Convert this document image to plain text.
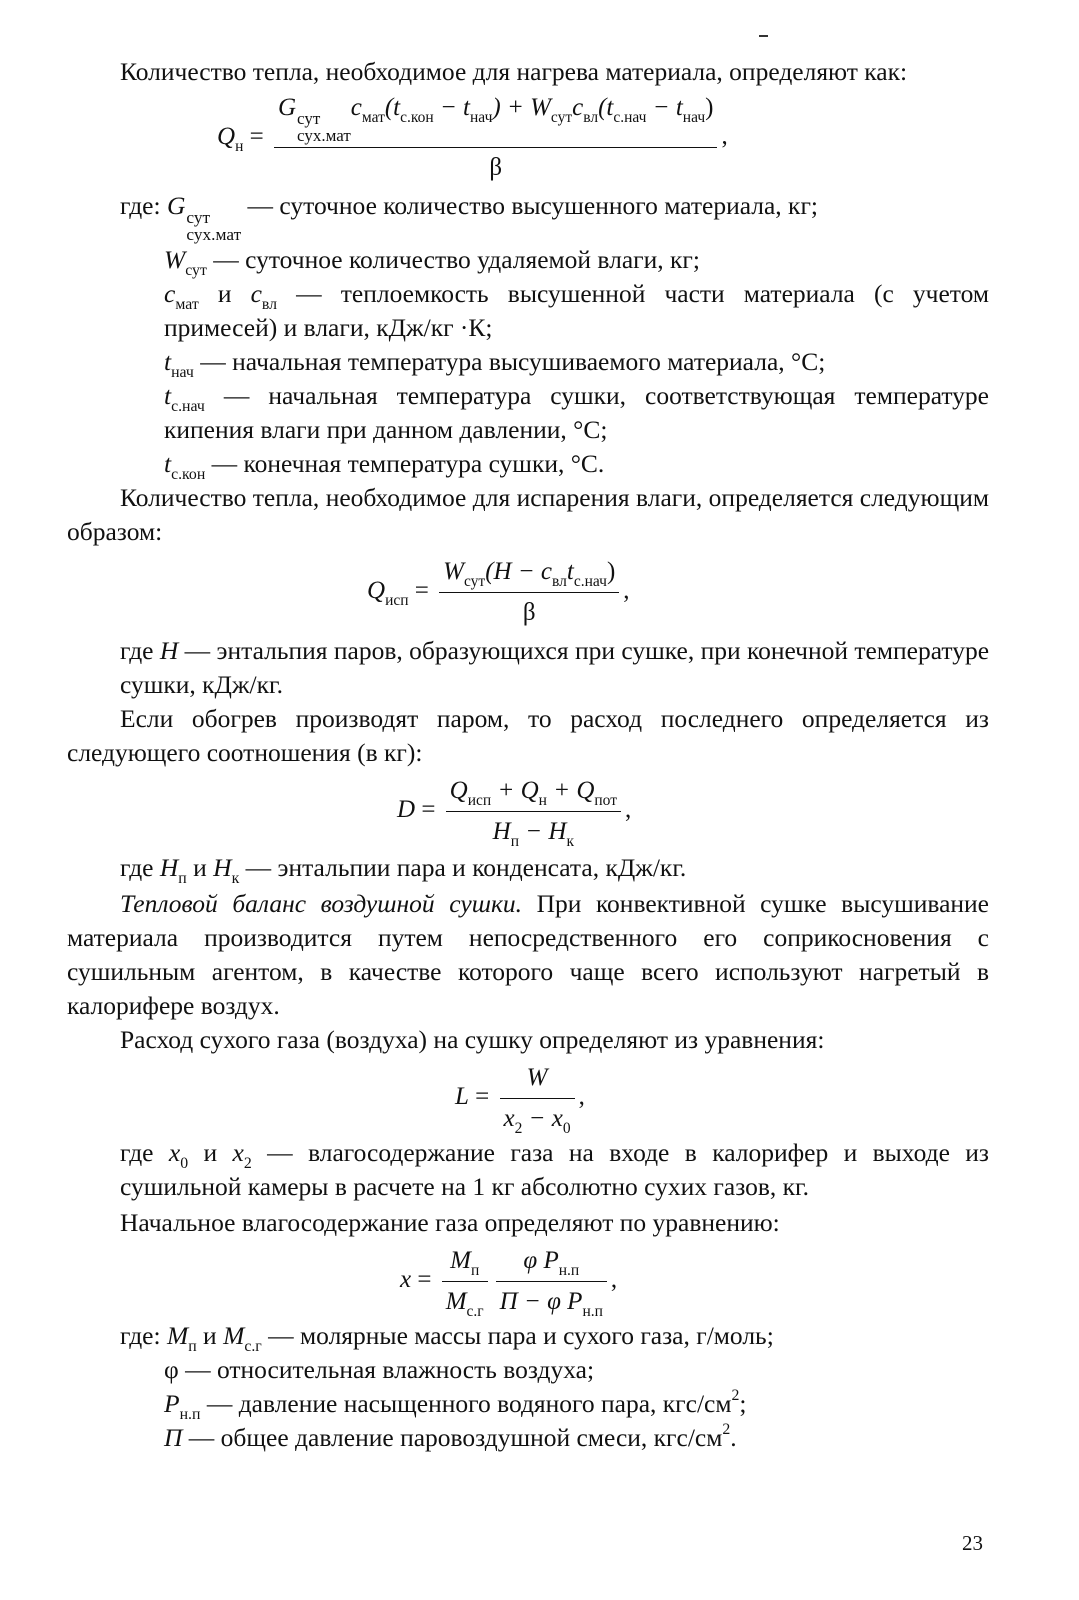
Количество тепла, необходимое для нагрева материала, определяют как:

$Q_н = G$ сут
сух.мат
$c_{мат}(t_{с.кон} - t_{нач}) + W_{сут}c_{вл}(t_{с.нач} - t_{нач})$
β ,

где: G сут
сух.мат
— суточное количество высушенного материала, кг;

$W_{сут}$ — суточное количество удаляемой влаги, кг;

$c_{мат}$ и $c_{вл}$ — теплоемкость высушенной части материала (с учетом примесей) и влаги, кДж/кг ·К;

$t_{нач}$ — начальная температура высушиваемого материала, °С;

$t_{с.нач}$ — начальная температура сушки, соответствующая температуре кипения влаги при данном давлении, °С;

$t_{с.кон}$ — конечная температура сушки, °С.

Количество тепла, необходимое для испарения влаги, определяется следующим образом:

$Q_{исп} = \frac{W_{сут}(H - c_{вл}t_{с.нач})}{\beta}$ ,

где H — энтальпия паров, образующихся при сушке, при конечной температуре сушки, кДж/кг.

Если обогрев производят паром, то расход последнего определяется из следующего соотношения (в кг):

$D = \frac{Q_{исп} + Q_н + Q_{пот}}{H_п - H_к}$ ,

где $H_п$ и $H_к$ — энтальпии пара и конденсата, кДж/кг.

Тепловой баланс воздушной сушки. При конвективной сушке высушивание материала производится путем непосредственного его соприкосновения с сушильным агентом, в качестве которого чаще всего используют нагретый в калорифере воздух.

Расход сухого газа (воздуха) на сушку определяют из уравнения:

$L = \frac{W}{x_2 - x_0}$ ,

где $x_0$ и $x_2$ — влагосодержание газа на входе в калорифер и выходе из сушильной камеры в расчете на 1 кг абсолютно сухих газов, кг.

Начальное влагосодержание газа определяют по уравнению:

$x = \frac{M_п}{M_{с.г}} \frac{\varphi P_{н.п}}{П - \varphi P_{н.п}}$ ,

где: $M_п$ и $M_{с.г}$ — молярные массы пара и сухого газа, г/моль;

φ — относительная влажность воздуха;

$P_{н.п}$ — давление насыщенного водяного пара, кгс/$см^2$;

П — общее давление паровоздушной смеси, кгс/$см^2$.

23
